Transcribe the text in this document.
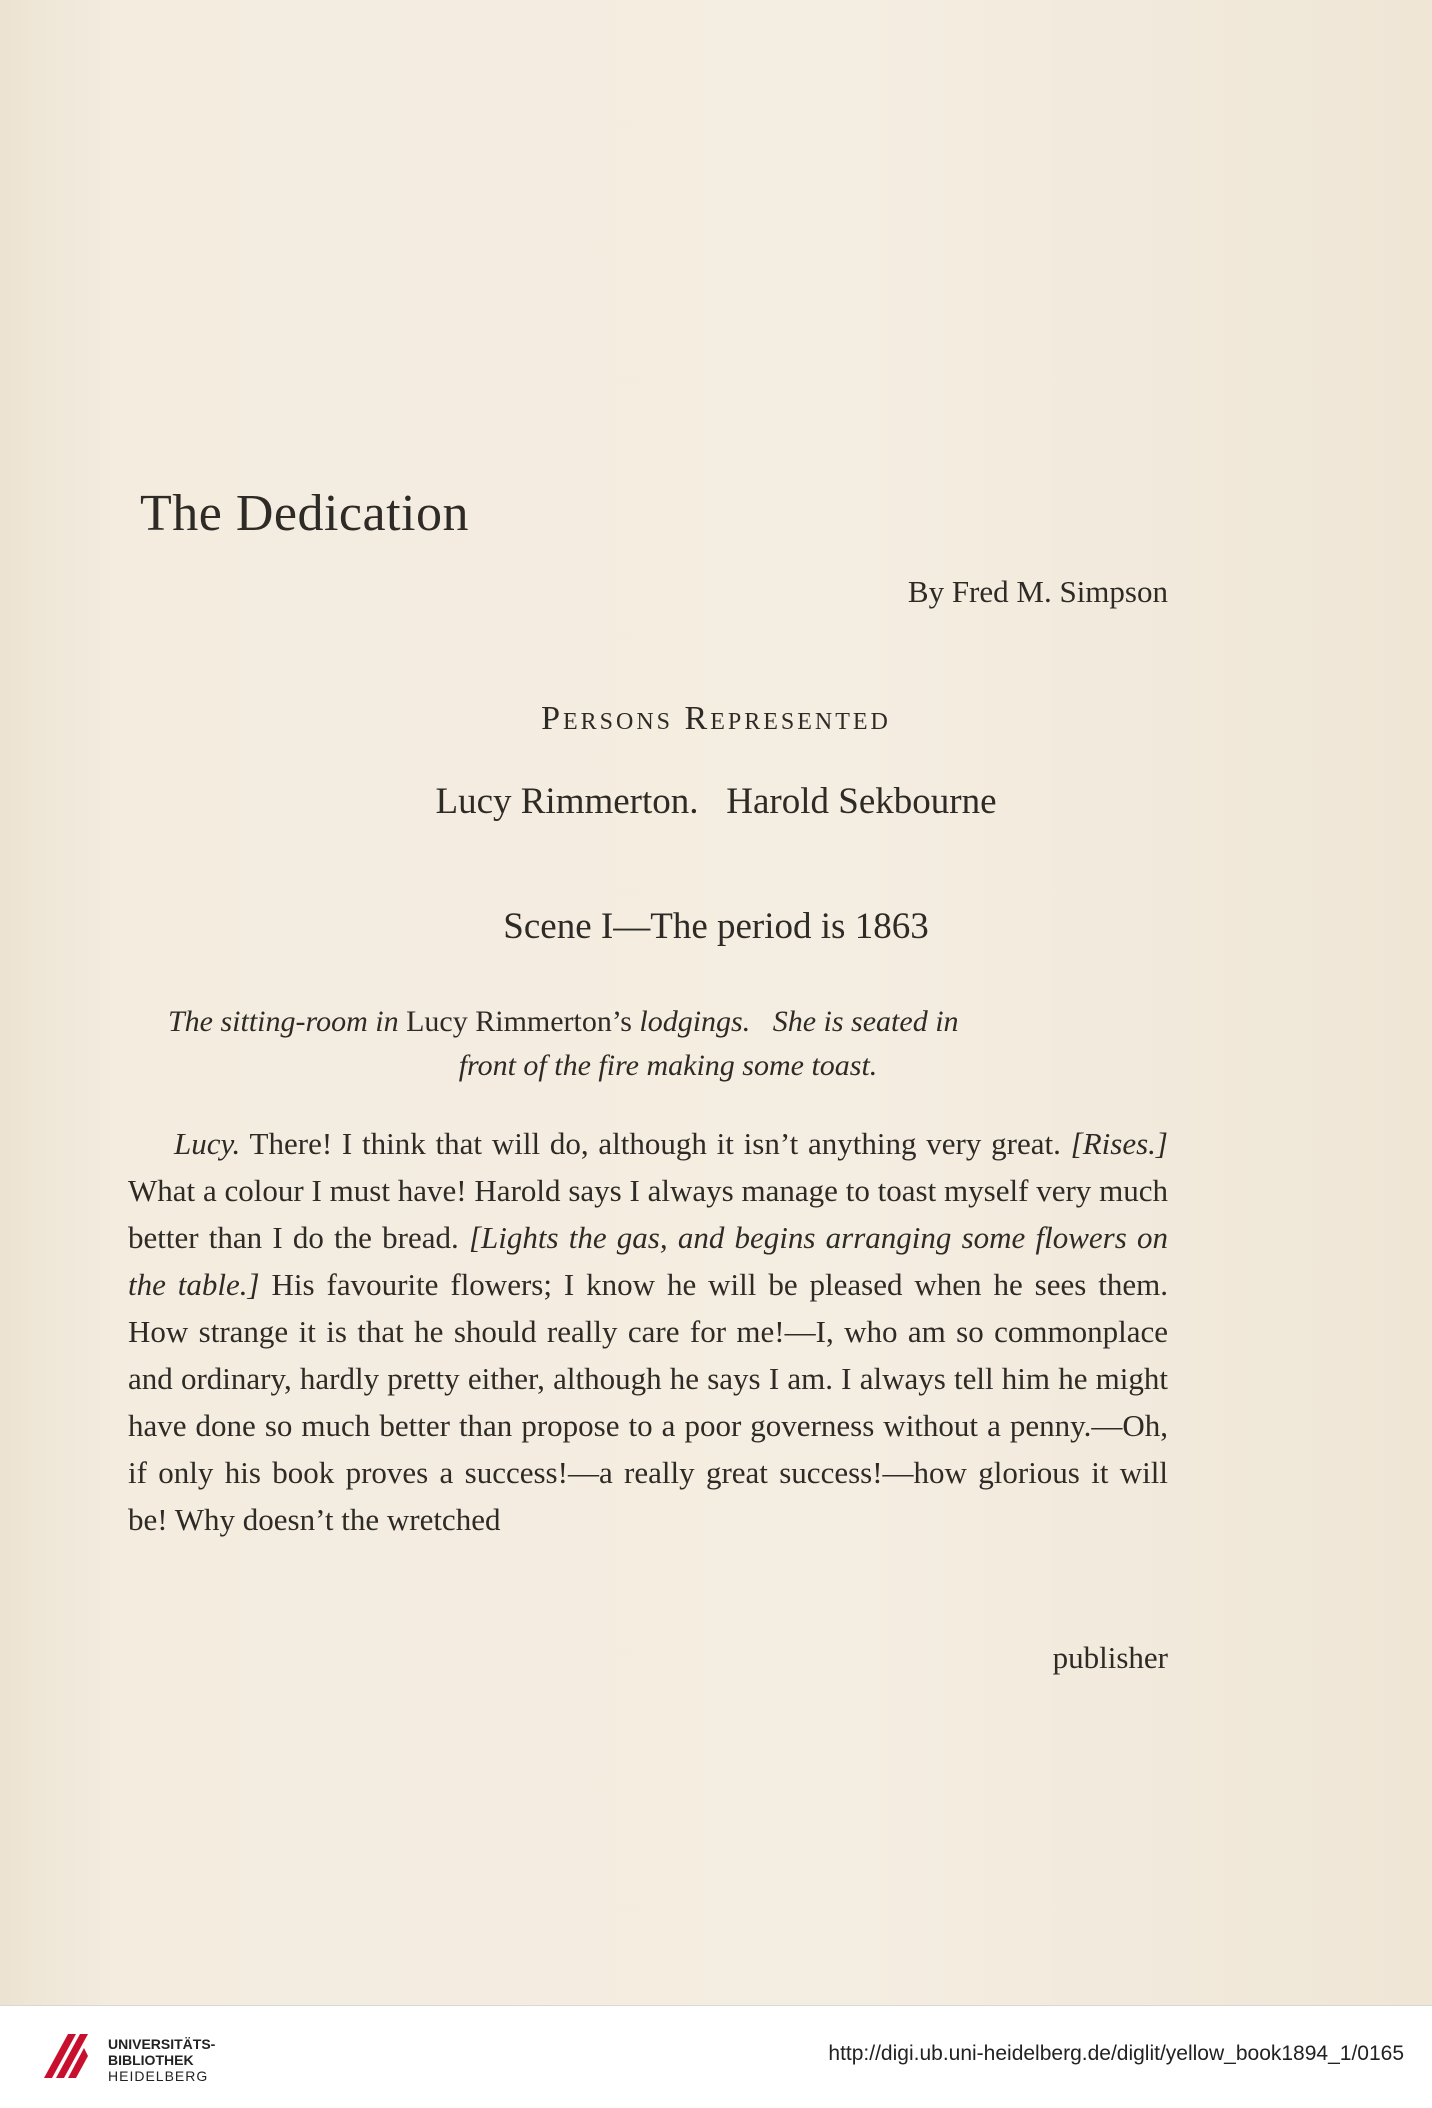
The Dedication
By Fred M. Simpson
Persons Represented
Lucy Rimmerton.   Harold Sekbourne
Scene I—The period is 1863
The sitting-room in Lucy Rimmerton’s lodgings.   She is seated in
front of the fire making some toast.
Lucy. There! I think that will do, although it isn’t anything very great. [Rises.] What a colour I must have! Harold says I always manage to toast myself very much better than I do the bread. [Lights the gas, and begins arranging some flowers on the table.] His favourite flowers; I know he will be pleased when he sees them. How strange it is that he should really care for me!—I, who am so commonplace and ordinary, hardly pretty either, although he says I am. I always tell him he might have done so much better than propose to a poor governess without a penny.—Oh, if only his book proves a success!—a really great success!—how glorious it will be! Why doesn’t the wretched
publisher
UNIVERSITÄTS-
BIBLIOTHEK
HEIDELBERG
http://digi.ub.uni-heidelberg.de/diglit/yellow_book1894_1/0165
